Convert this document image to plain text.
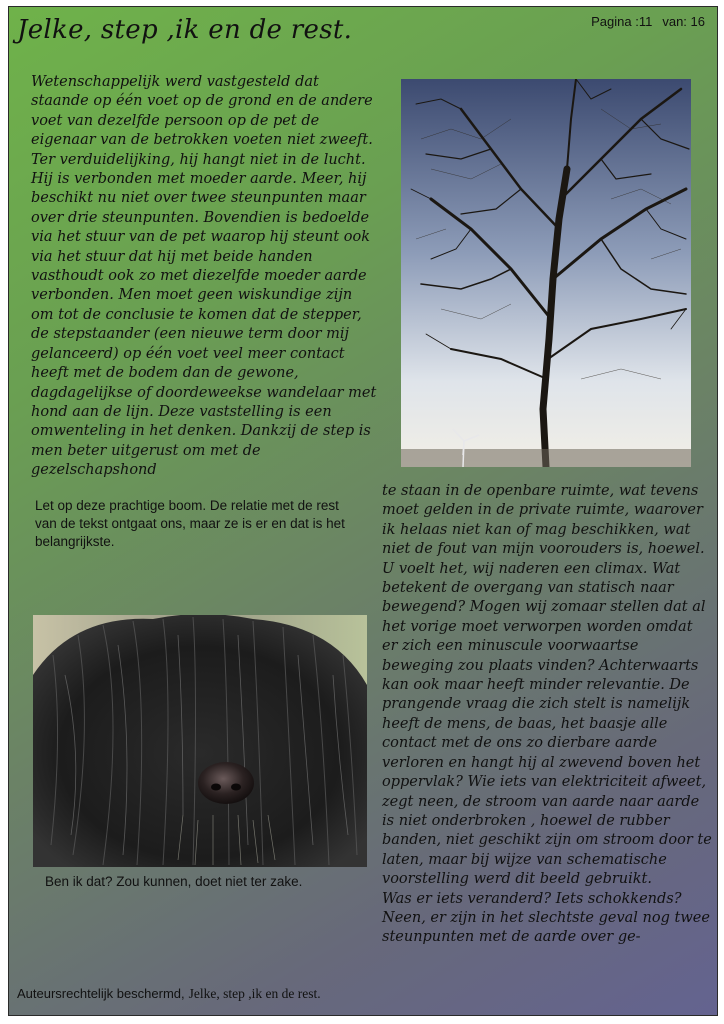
Jelke, step ,ik en de rest.	Pagina :11 van: 16

Wetenschappelijk werd vastgesteld dat staande op één voet op de grond en de andere voet van dezelfde persoon op de pet de eigenaar van de betrokken voeten niet zweeft. Ter verduidelijking, hij hangt niet in de lucht. Hij is verbonden met moeder aarde. Meer, hij beschikt nu niet over twee steunpunten maar over drie steunpunten. Bovendien is bedoelde via het stuur van de pet waarop hij steunt ook via het stuur dat hij met beide handen vasthoudt ook zo met diezelfde moeder aarde verbonden. Men moet geen wiskundige zijn om tot de conclusie te komen dat de stepper, de stepstaander (een nieuwe term door mij gelanceerd) op één voet veel meer contact heeft met de bodem dan de gewone, dagdagelijkse of doordeweekse wandelaar met hond aan de lijn. Deze vaststelling is een omwenteling in het denken. Dankzij de step is men beter uitgerust om met de gezelschapshond

Let op deze prachtige boom. De relatie met de rest van de tekst ontgaat ons, maar ze is er en dat is het belangrijkste.

te staan in de openbare ruimte, wat tevens moet gelden in de private ruimte, waarover ik helaas niet kan of mag beschikken, wat niet de fout van mijn voorouders is, hoewel.

U voelt het, wij naderen een climax. Wat betekent de overgang van statisch naar bewegend? Mogen wij zomaar stellen dat al het vorige moet verworpen worden omdat er zich een minuscule voorwaartse beweging zou plaats vinden? Achterwaarts kan ook maar heeft minder relevantie. De prangende vraag die zich stelt is namelijk heeft de mens, de baas, het baasje alle contact met de ons zo dierbare aarde verloren en hangt hij al zwevend boven het oppervlak? Wie iets van elektriciteit afweet, zegt neen, de stroom van aarde naar aarde is niet onderbroken , hoewel de rubber banden, niet geschikt zijn om stroom door te laten, maar bij wijze van schematische voorstelling werd dit beeld gebruikt.

Was er iets veranderd? Iets schokkends? Neen, er zijn in het slechtste geval nog twee steunpunten met de aarde over ge-

Ben ik dat? Zou kunnen, doet niet ter zake.

Auteursrechtelijk beschermd, Jelke, step ,ik en de rest.
